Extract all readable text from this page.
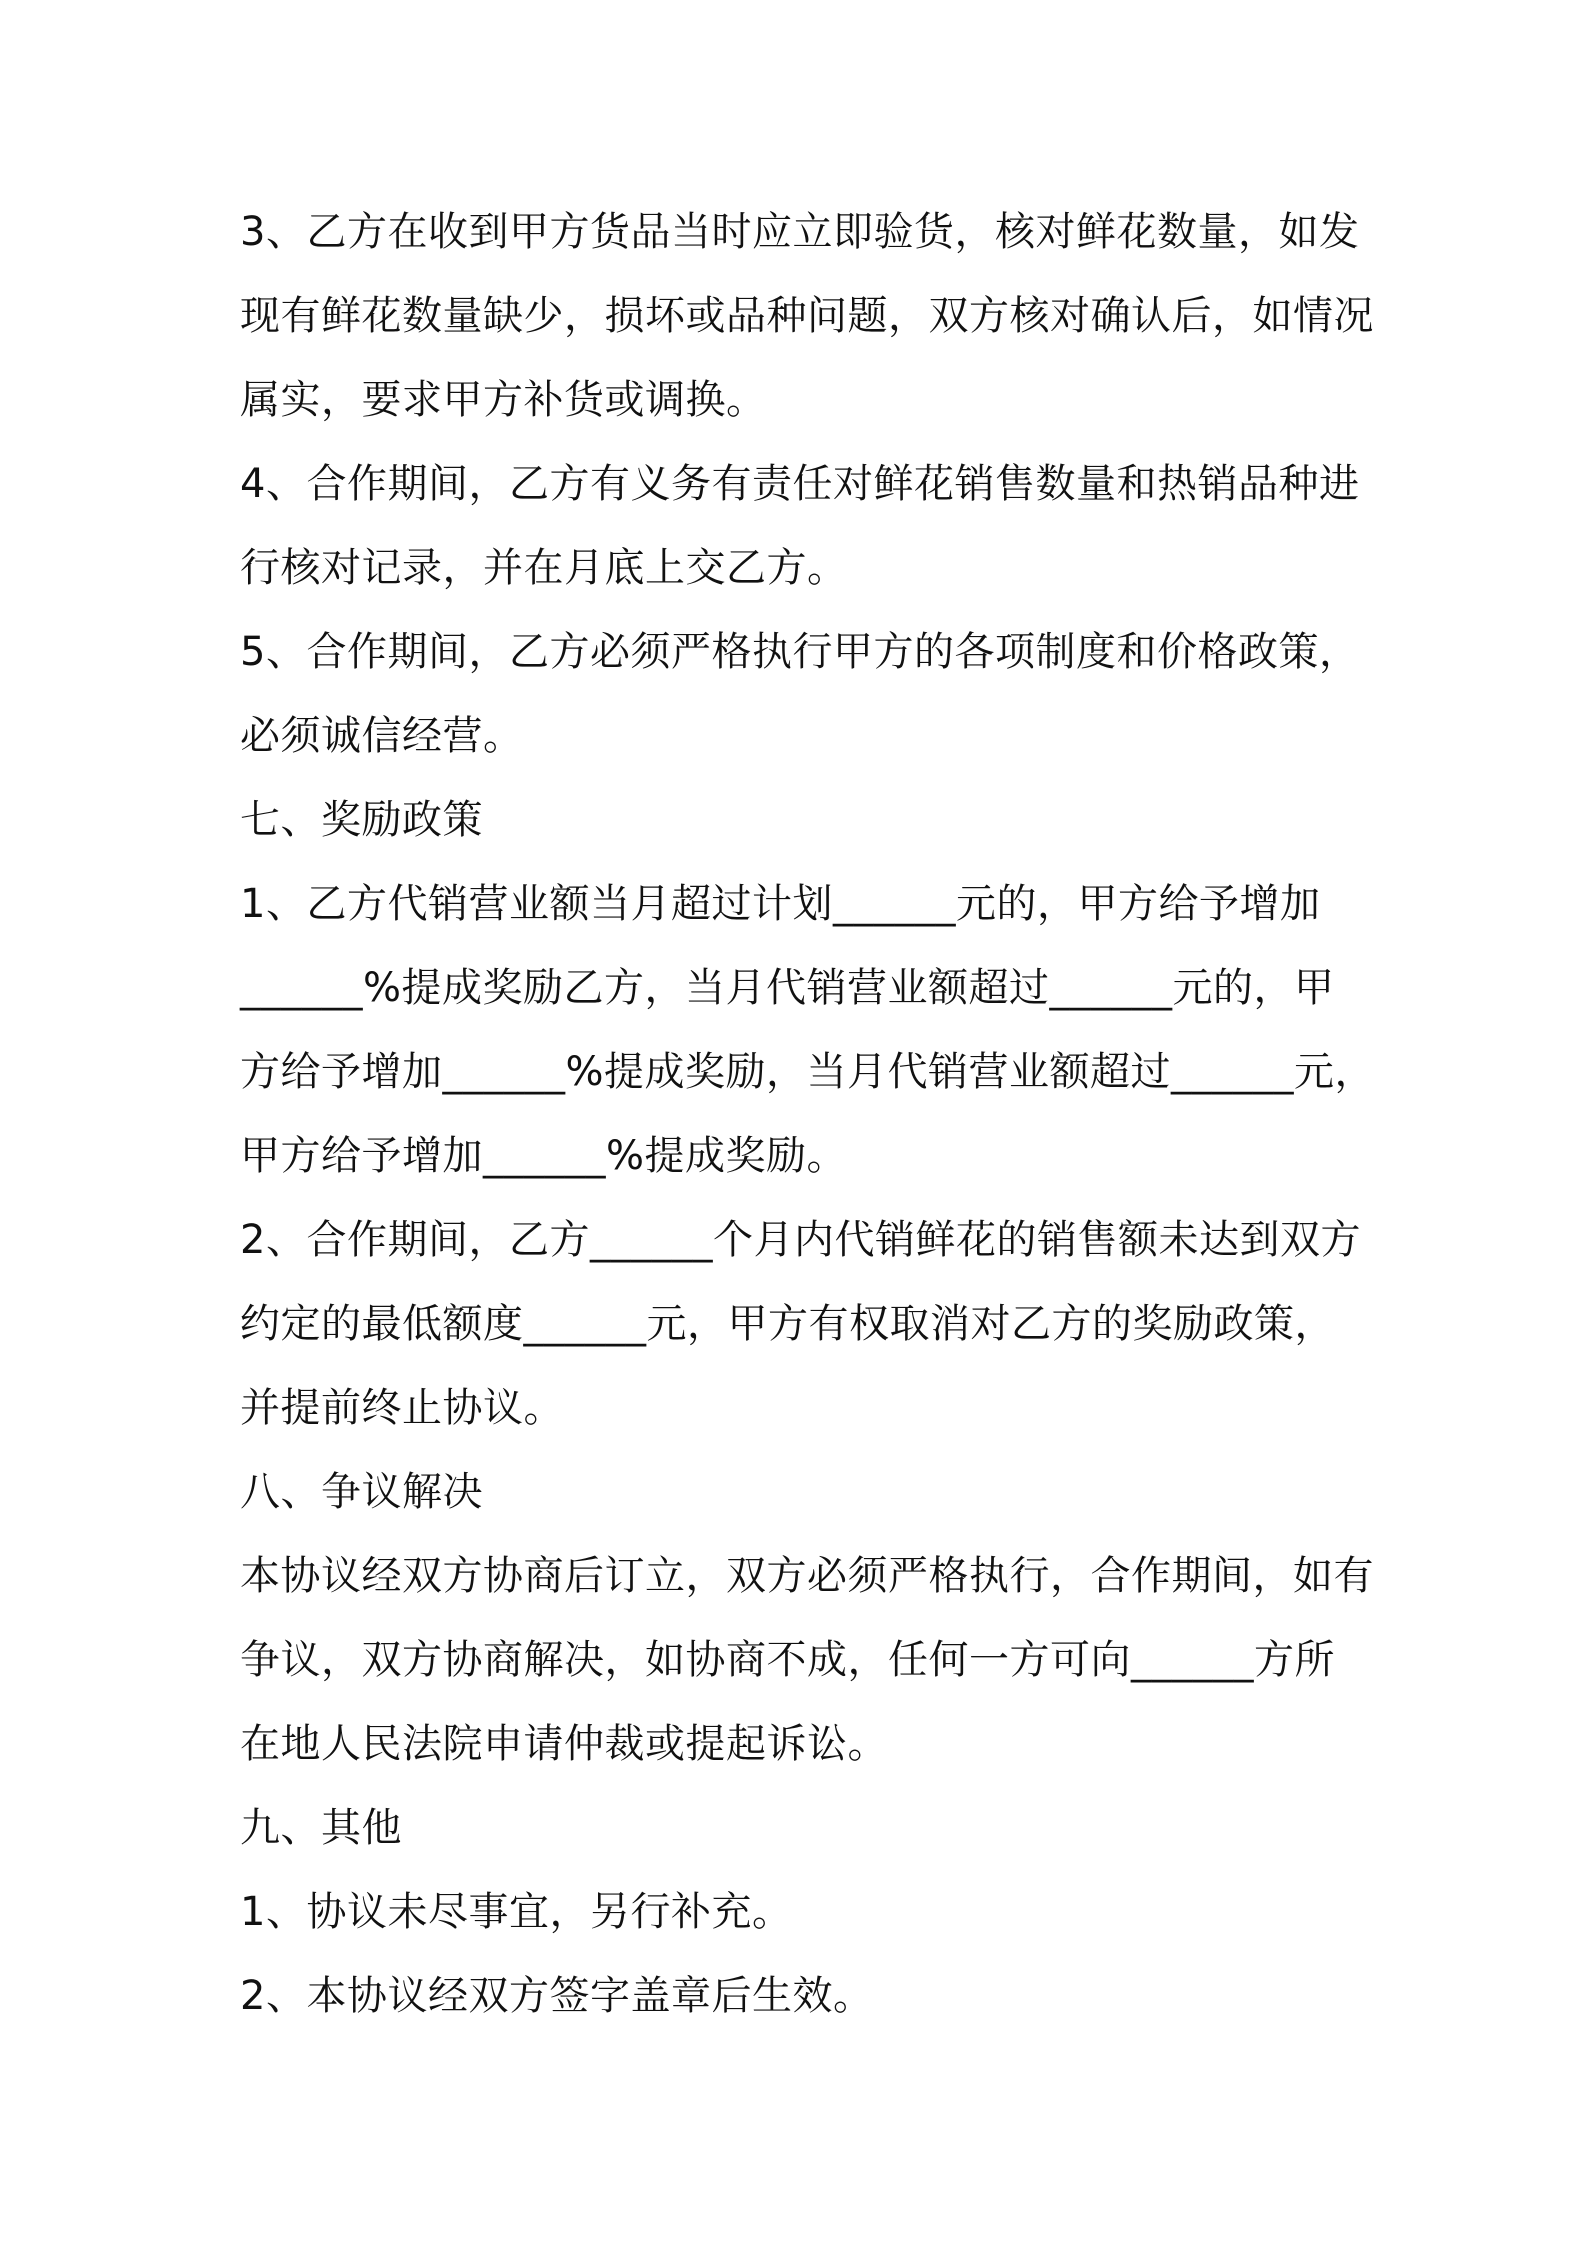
3、乙方在收到甲方货品当时应立即验货，核对鲜花数量，如发
现有鲜花数量缺少，损坏或品种问题，双方核对确认后，如情况
属实，要求甲方补货或调换。
4、合作期间，乙方有义务有责任对鲜花销售数量和热销品种进
行核对记录，并在月底上交乙方。
5、合作期间，乙方必须严格执行甲方的各项制度和价格政策，
必须诚信经营。
七、奖励政策
1、乙方代销营业额当月超过计划______元的，甲方给予增加
______%提成奖励乙方，当月代销营业额超过______元的，甲
方给予增加______%提成奖励，当月代销营业额超过______元，
甲方给予增加______%提成奖励。
2、合作期间，乙方______个月内代销鲜花的销售额未达到双方
约定的最低额度______元，甲方有权取消对乙方的奖励政策，
并提前终止协议。
八、争议解决
本协议经双方协商后订立，双方必须严格执行，合作期间，如有
争议，双方协商解决，如协商不成，任何一方可向______方所
在地人民法院申请仲裁或提起诉讼。
九、其他
1、协议未尽事宜，另行补充。
2、本协议经双方签字盖章后生效。
